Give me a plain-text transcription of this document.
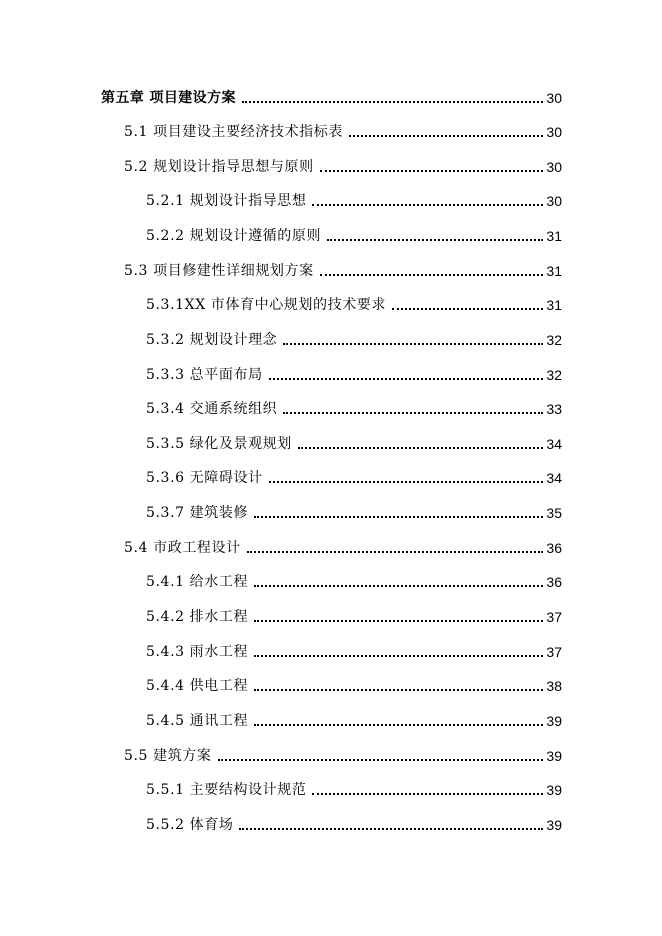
第五章 项目建设方案	30
5.1 项目建设主要经济技术指标表	30
5.2 规划设计指导思想与原则	30
5.2.1 规划设计指导思想	30
5.2.2 规划设计遵循的原则	31
5.3 项目修建性详细规划方案	31
5.3.1XX 市体育中心规划的技术要求	31
5.3.2 规划设计理念	32
5.3.3 总平面布局	32
5.3.4 交通系统组织	33
5.3.5 绿化及景观规划	34
5.3.6 无障碍设计	34
5.3.7 建筑装修	35
5.4 市政工程设计	36
5.4.1 给水工程	36
5.4.2 排水工程	37
5.4.3 雨水工程	37
5.4.4 供电工程	38
5.4.5 通讯工程	39
5.5 建筑方案	39
5.5.1 主要结构设计规范	39
5.5.2 体育场	39
